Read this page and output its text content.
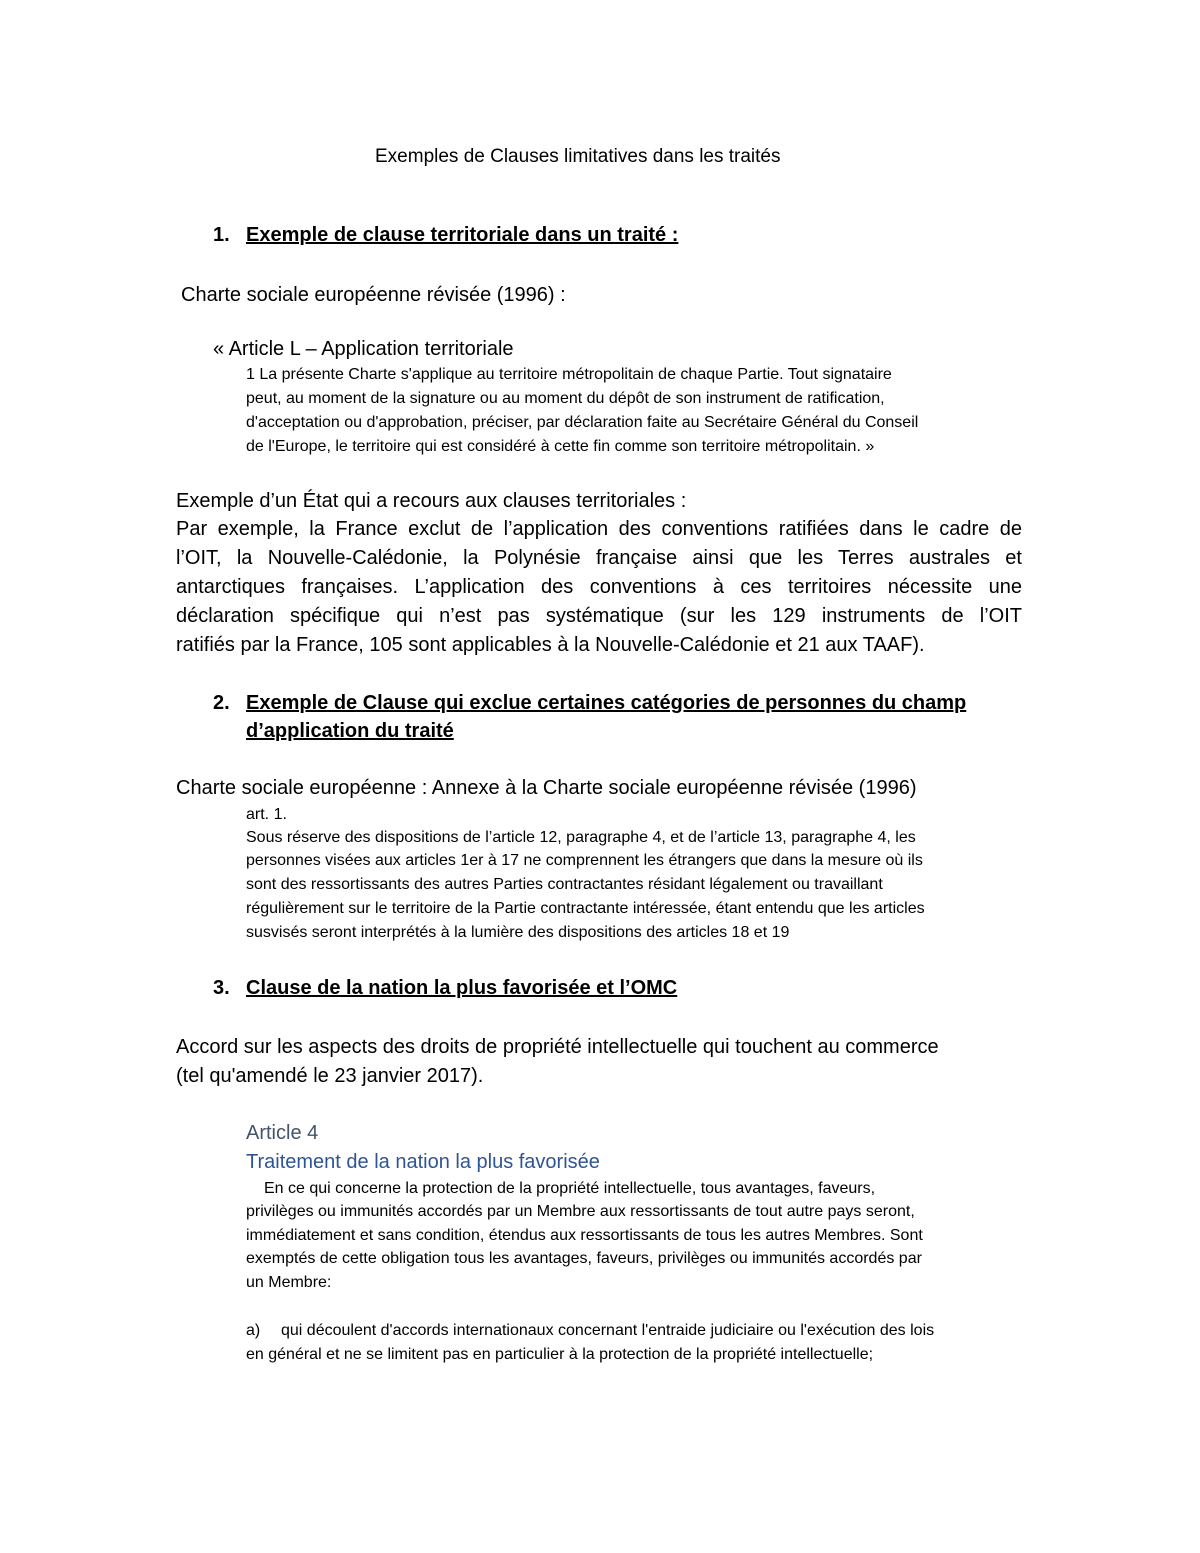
Exemples de Clauses limitatives dans les traités
1. Exemple de clause territoriale dans un traité :
Charte sociale européenne révisée (1996) :
« Article L – Application territoriale
1 La présente Charte s'applique au territoire métropolitain de chaque Partie. Tout signataire
peut, au moment de la signature ou au moment du dépôt de son instrument de ratification,
d'acceptation ou d'approbation, préciser, par déclaration faite au Secrétaire Général du Conseil
de l'Europe, le territoire qui est considéré à cette fin comme son territoire métropolitain. »
Exemple d’un État qui a recours aux clauses territoriales :
Par exemple, la France exclut de l’application des conventions ratifiées dans le cadre de
l’OIT, la Nouvelle-Calédonie, la Polynésie française ainsi que les Terres australes et
antarctiques françaises. L’application des conventions à ces territoires nécessite une
déclaration spécifique qui n’est pas systématique (sur les 129 instruments de l’OIT
ratifiés par la France, 105 sont applicables à la Nouvelle-Calédonie et 21 aux TAAF).
2. Exemple de Clause qui exclue certaines catégories de personnes du champ
d’application du traité
Charte sociale européenne : Annexe à la Charte sociale européenne révisée (1996)
art. 1.
Sous réserve des dispositions de l’article 12, paragraphe 4, et de l’article 13, paragraphe 4, les
personnes visées aux articles 1er à 17 ne comprennent les étrangers que dans la mesure où ils
sont des ressortissants des autres Parties contractantes résidant légalement ou travaillant
régulièrement sur le territoire de la Partie contractante intéressée, étant entendu que les articles
susvisés seront interprétés à la lumière des dispositions des articles 18 et 19
3. Clause de la nation la plus favorisée et l’OMC
Accord sur les aspects des droits de propriété intellectuelle qui touchent au commerce
(tel qu'amendé le 23 janvier 2017).
Article 4
Traitement de la nation la plus favorisée
En ce qui concerne la protection de la propriété intellectuelle, tous avantages, faveurs,
privilèges ou immunités accordés par un Membre aux ressortissants de tout autre pays seront,
immédiatement et sans condition, étendus aux ressortissants de tous les autres Membres. Sont
exemptés de cette obligation tous les avantages, faveurs, privilèges ou immunités accordés par
un Membre:
a) qui découlent d'accords internationaux concernant l'entraide judiciaire ou l'exécution des lois
en général et ne se limitent pas en particulier à la protection de la propriété intellectuelle;
